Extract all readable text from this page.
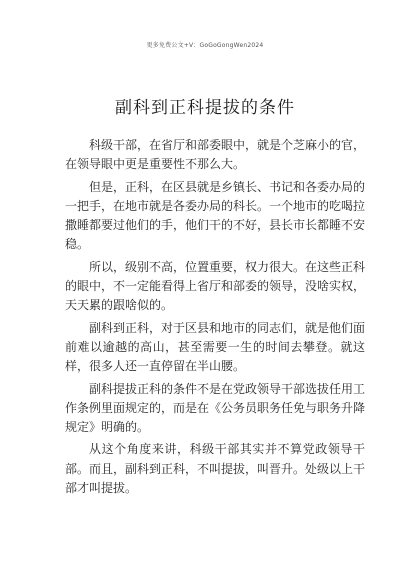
更多免费公文+V：GoGoGongWen2024
副科到正科提拔的条件

科级干部，在省厅和部委眼中，就是个芝麻小的官，在领导眼中更是重要性不那么大。

但是，正科，在区县就是乡镇长、书记和各委办局的一把手，在地市就是各委办局的科长。一个地市的吃喝拉撒睡都要过他们的手，他们干的不好，县长市长都睡不安稳。

所以，级别不高，位置重要，权力很大。在这些正科的眼中，不一定能看得上省厅和部委的领导，没啥实权，天天累的跟啥似的。

副科到正科，对于区县和地市的同志们，就是他们面前难以逾越的高山，甚至需要一生的时间去攀登。就这样，很多人还一直停留在半山腰。

副科提拔正科的条件不是在党政领导干部选拔任用工作条例里面规定的，而是在《公务员职务任免与职务升降规定》明确的。

从这个角度来讲，科级干部其实并不算党政领导干部。而且，副科到正科，不叫提拔，叫晋升。处级以上干部才叫提拔。
